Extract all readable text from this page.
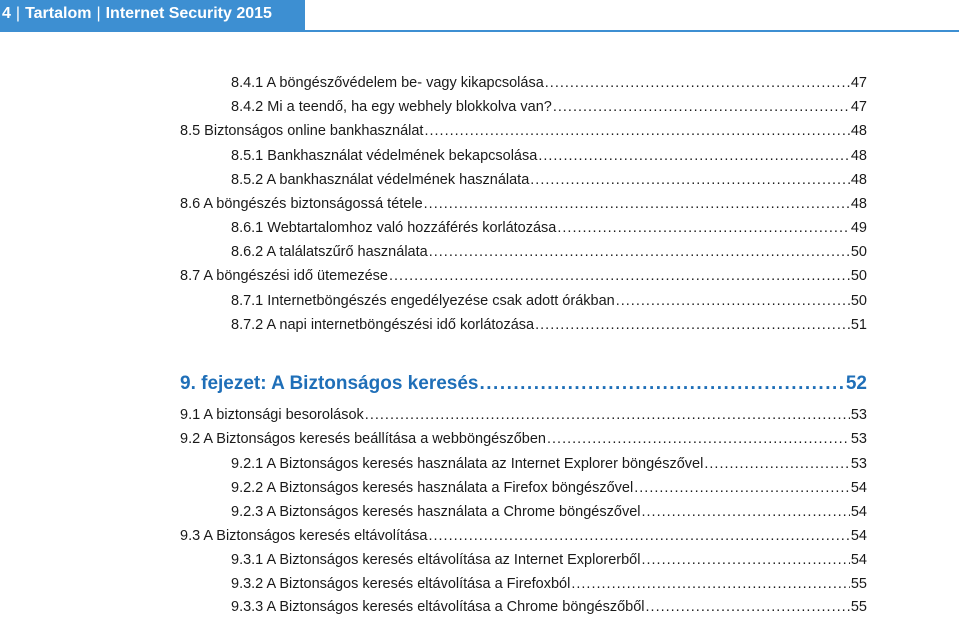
4 | Tartalom | Internet Security 2015
8.4.1 A böngészővédelem be- vagy kikapcsolása .....	47
8.4.2 Mi a teendő, ha egy webhely blokkolva van? .....	47
8.5 Biztonságos online bankhasználat .....	48
8.5.1 Bankhasználat védelmének bekapcsolása .....	48
8.5.2 A bankhasználat védelmének használata .....	48
8.6 A böngészés biztonságossá tétele .....	48
8.6.1 Webtartalomhoz való hozzáférés korlátozása .....	49
8.6.2 A találatszűrő használata .....	50
8.7 A böngészési idő ütemezése .....	50
8.7.1 Internetböngészés engedélyezése csak adott órákban .....	50
8.7.2 A napi internetböngészési idő korlátozása .....	51
9. fejezet: A Biztonságos keresés .....	52
9.1 A biztonsági besorolások .....	53
9.2 A Biztonságos keresés beállítása a webböngészőben .....	53
9.2.1 A Biztonságos keresés használata az Internet Explorer böngészővel .....	53
9.2.2 A Biztonságos keresés használata a Firefox böngészővel .....	54
9.2.3 A Biztonságos keresés használata a Chrome böngészővel .....	54
9.3 A Biztonságos keresés eltávolítása .....	54
9.3.1 A Biztonságos keresés eltávolítása az Internet Explorerből .....	54
9.3.2 A Biztonságos keresés eltávolítása a Firefoxból .....	55
9.3.3 A Biztonságos keresés eltávolítása a Chrome böngészőből .....	55
